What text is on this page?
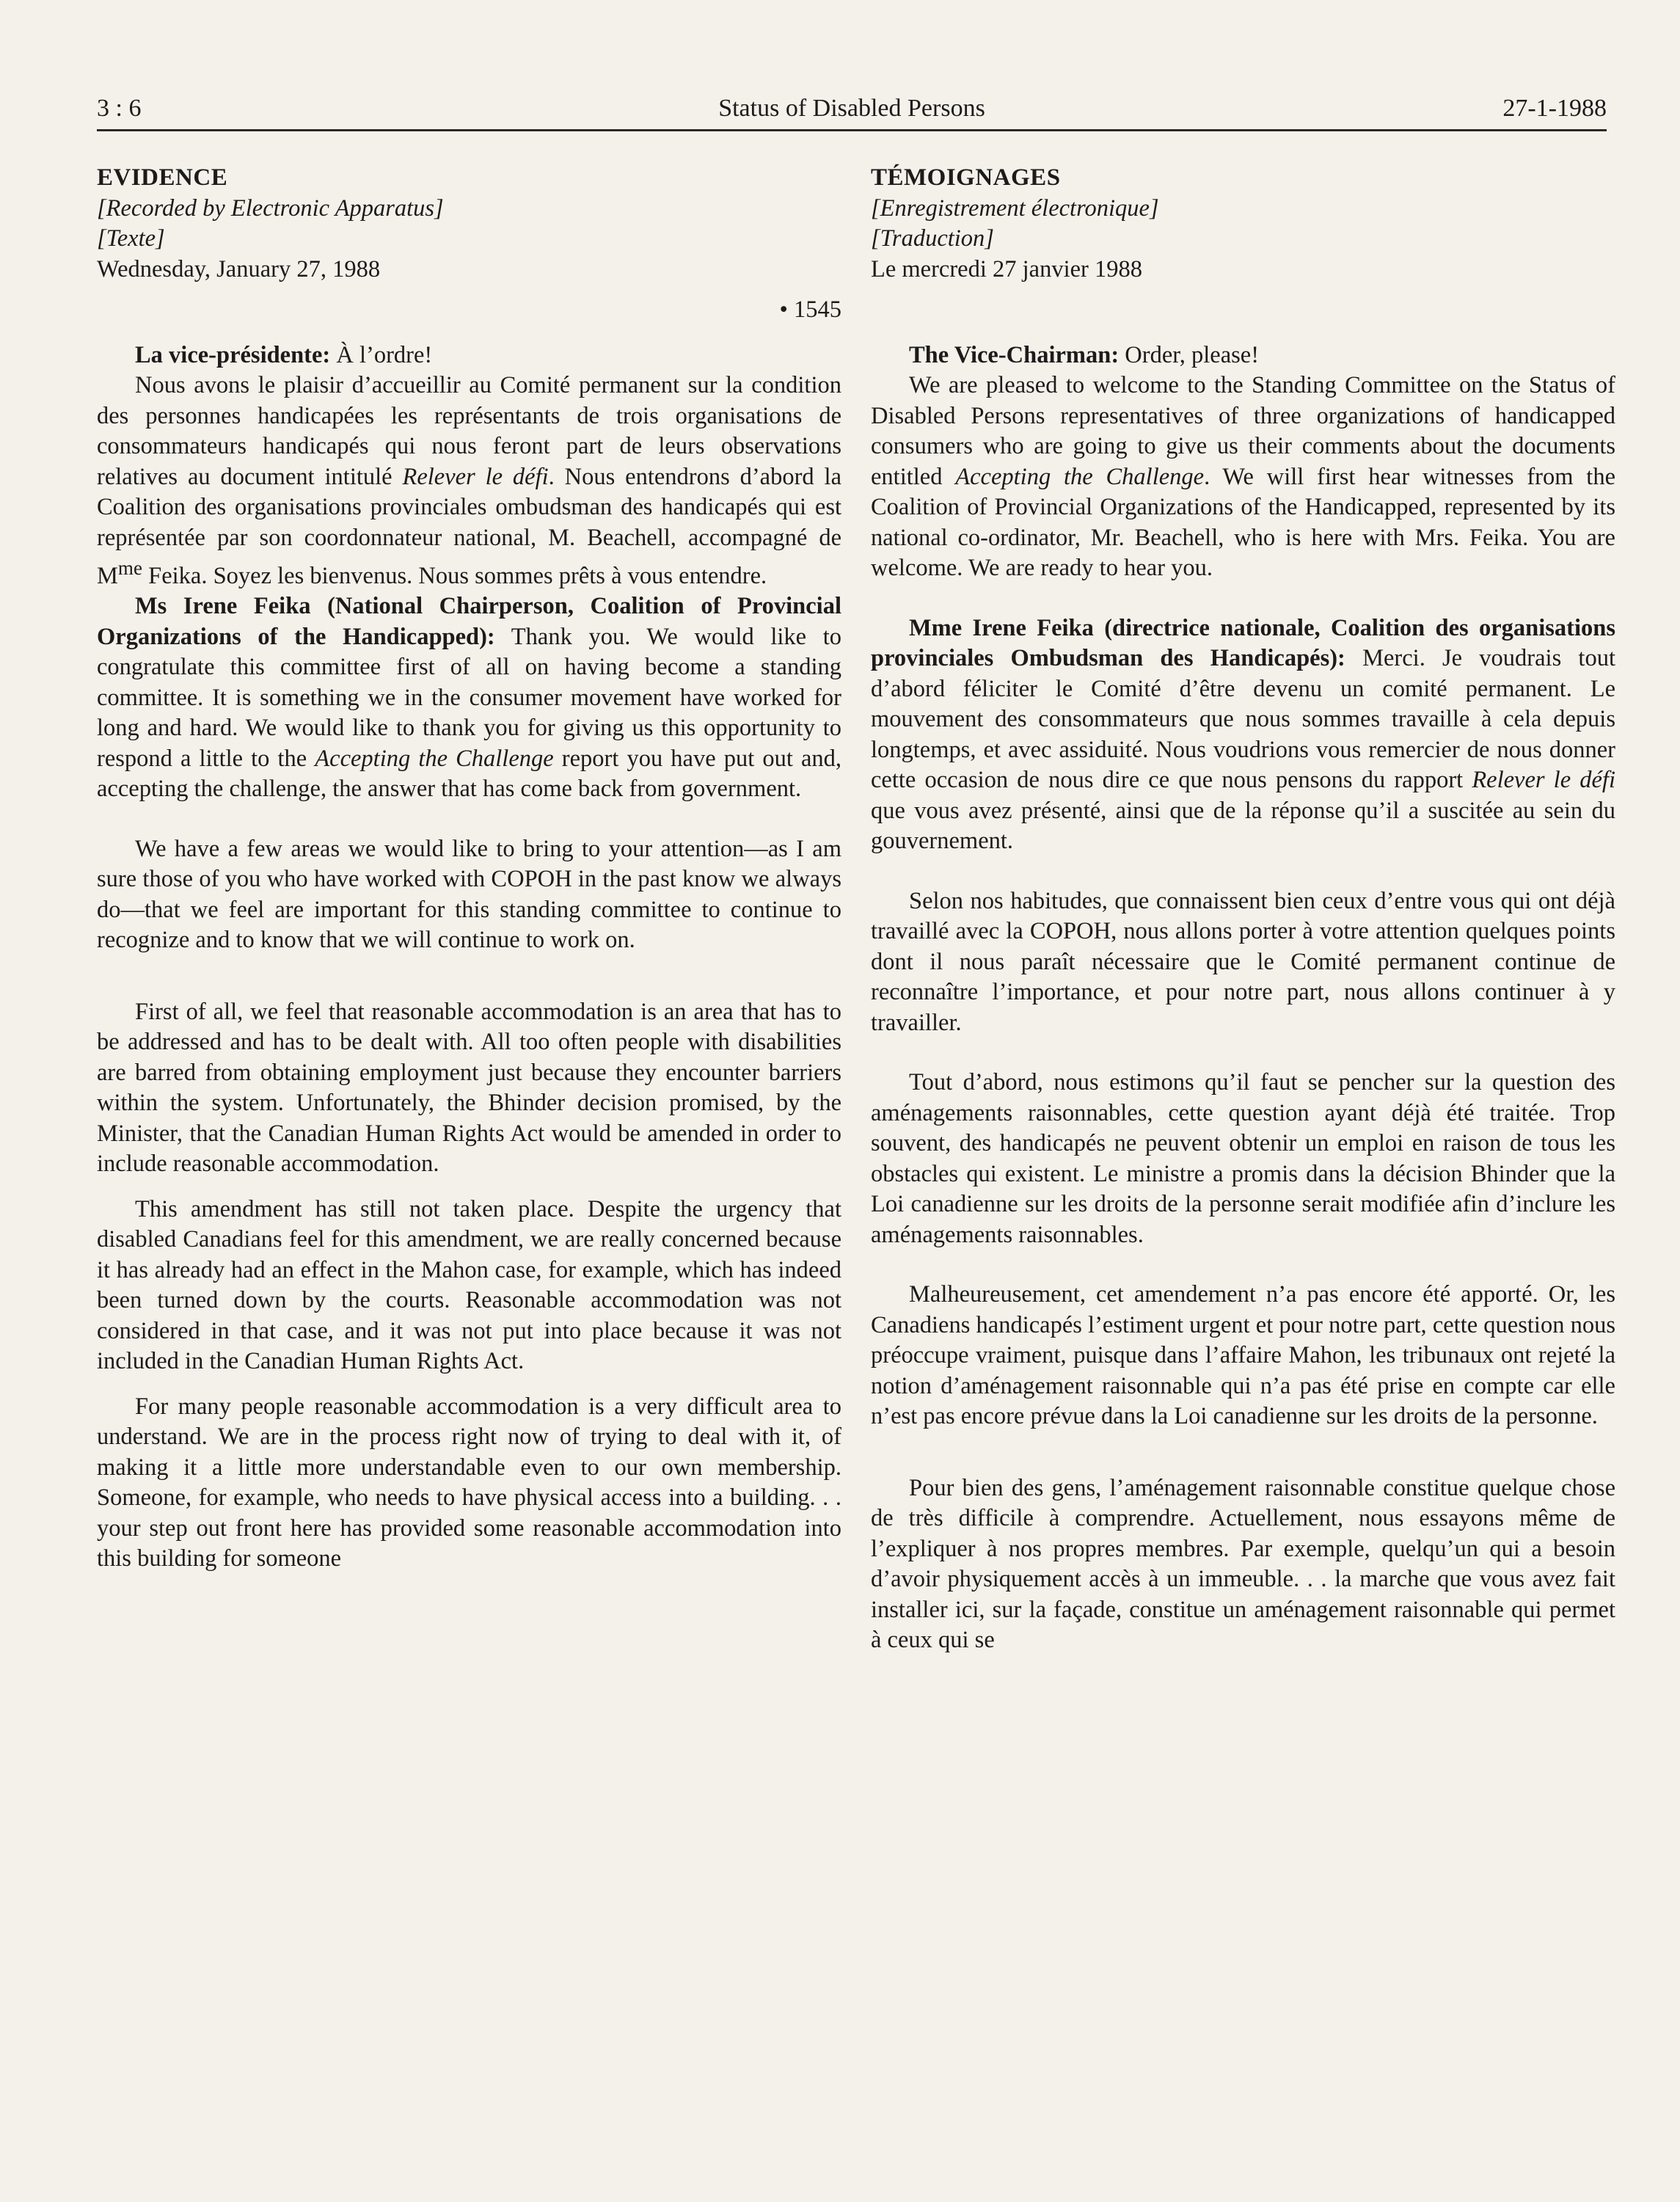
3 : 6	Status of Disabled Persons	27-1-1988

EVIDENCE

[Recorded by Electronic Apparatus]

[Texte]

Wednesday, January 27, 1988

• 1545

La vice-présidente: À l’ordre!

Nous avons le plaisir d’accueillir au Comité permanent sur la condition des personnes handicapées les représentants de trois organisations de consommateurs handicapés qui nous feront part de leurs observations relatives au document intitulé Relever le défi. Nous entendrons d’abord la Coalition des organisations provinciales ombudsman des handicapés qui est représentée par son coordonnateur national, M. Beachell, accompagné de $M^{me}$ Feika. Soyez les bienvenus. Nous sommes prêts à vous entendre.

Ms Irene Feika (National Chairperson, Coalition of Provincial Organizations of the Handicapped): Thank you. We would like to congratulate this committee first of all on having become a standing committee. It is something we in the consumer movement have worked for long and hard. We would like to thank you for giving us this opportunity to respond a little to the Accepting the Challenge report you have put out and, accepting the challenge, the answer that has come back from government.

We have a few areas we would like to bring to your attention—as I am sure those of you who have worked with COPOH in the past know we always do—that we feel are important for this standing committee to continue to recognize and to know that we will continue to work on.

First of all, we feel that reasonable accommodation is an area that has to be addressed and has to be dealt with. All too often people with disabilities are barred from obtaining employment just because they encounter barriers within the system. Unfortunately, the Bhinder decision promised, by the Minister, that the Canadian Human Rights Act would be amended in order to include reasonable accommodation.

This amendment has still not taken place. Despite the urgency that disabled Canadians feel for this amendment, we are really concerned because it has already had an effect in the Mahon case, for example, which has indeed been turned down by the courts. Reasonable accommodation was not considered in that case, and it was not put into place because it was not included in the Canadian Human Rights Act.

For many people reasonable accommodation is a very difficult area to understand. We are in the process right now of trying to deal with it, of making it a little more understandable even to our own membership. Someone, for example, who needs to have physical access into a building. . . your step out front here has provided some reasonable accommodation into this building for someone

TÉMOIGNAGES

[Enregistrement électronique]

[Traduction]

Le mercredi 27 janvier 1988

The Vice-Chairman: Order, please!

We are pleased to welcome to the Standing Committee on the Status of Disabled Persons representatives of three organizations of handicapped consumers who are going to give us their comments about the documents entitled Accepting the Challenge. We will first hear witnesses from the Coalition of Provincial Organizations of the Handicapped, represented by its national co-ordinator, Mr. Beachell, who is here with Mrs. Feika. You are welcome. We are ready to hear you.

Mme Irene Feika (directrice nationale, Coalition des organisations provinciales Ombudsman des Handicapés): Merci. Je voudrais tout d’abord féliciter le Comité d’être devenu un comité permanent. Le mouvement des consommateurs que nous sommes travaille à cela depuis longtemps, et avec assiduité. Nous voudrions vous remercier de nous donner cette occasion de nous dire ce que nous pensons du rapport Relever le défi que vous avez présenté, ainsi que de la réponse qu’il a suscitée au sein du gouvernement.

Selon nos habitudes, que connaissent bien ceux d’entre vous qui ont déjà travaillé avec la COPOH, nous allons porter à votre attention quelques points dont il nous paraît nécessaire que le Comité permanent continue de reconnaître l’importance, et pour notre part, nous allons continuer à y travailler.

Tout d’abord, nous estimons qu’il faut se pencher sur la question des aménagements raisonnables, cette question ayant déjà été traitée. Trop souvent, des handicapés ne peuvent obtenir un emploi en raison de tous les obstacles qui existent. Le ministre a promis dans la décision Bhinder que la Loi canadienne sur les droits de la personne serait modifiée afin d’inclure les aménagements raisonnables.

Malheureusement, cet amendement n’a pas encore été apporté. Or, les Canadiens handicapés l’estiment urgent et pour notre part, cette question nous préoccupe vraiment, puisque dans l’affaire Mahon, les tribunaux ont rejeté la notion d’aménagement raisonnable qui n’a pas été prise en compte car elle n’est pas encore prévue dans la Loi canadienne sur les droits de la personne.

Pour bien des gens, l’aménagement raisonnable constitue quelque chose de très difficile à comprendre. Actuellement, nous essayons même de l’expliquer à nos propres membres. Par exemple, quelqu’un qui a besoin d’avoir physiquement accès à un immeuble. . . la marche que vous avez fait installer ici, sur la façade, constitue un aménagement raisonnable qui permet à ceux qui se
